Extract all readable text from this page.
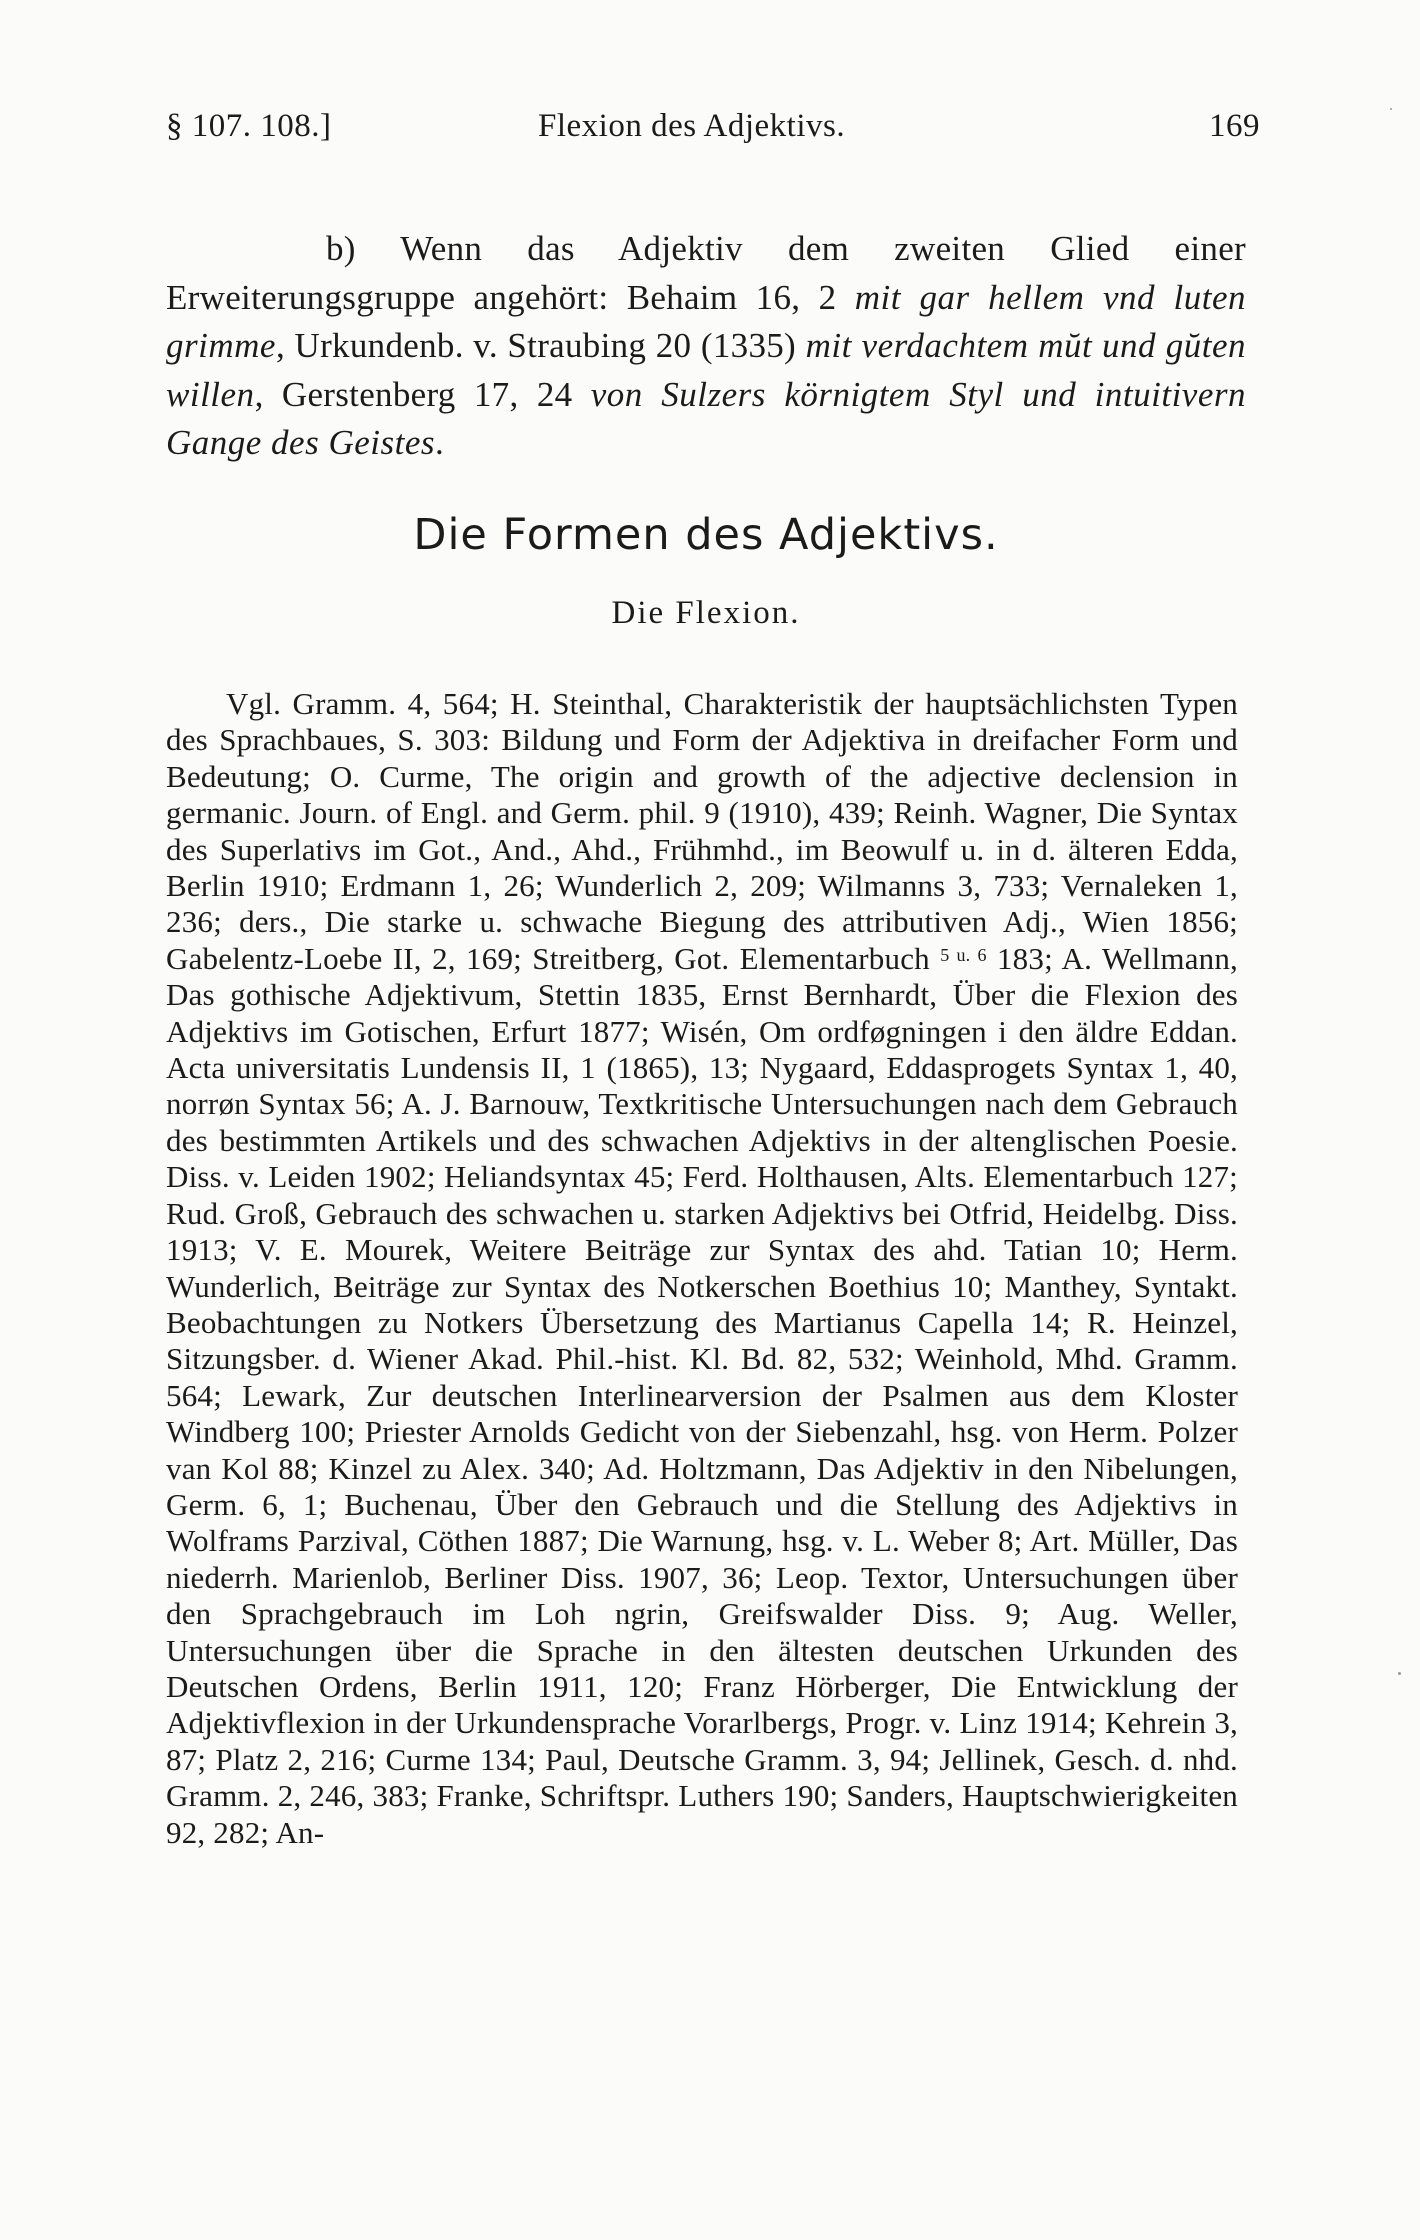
§ 107. 108.]	Flexion des Adjektivs.	169

b) Wenn das Adjektiv dem zweiten Glied einer Erweiterungsgruppe angehört: Behaim 16, 2 mit gar hellem vnd luten grimme, Urkundenb. v. Straubing 20 (1335) mit verdachtem mŭt und gŭten willen, Gerstenberg 17, 24 von Sulzers körnigtem Styl und intuitivern Gange des Geistes.

Die Formen des Adjektivs.
Die Flexion.

Vgl. Gramm. 4, 564; H. Steinthal, Charakteristik der hauptsächlichsten Typen des Sprachbaues, S. 303: Bildung und Form der Adjektiva in dreifacher Form und Bedeutung; O. Curme, The origin and growth of the adjective declension in germanic. Journ. of Engl. and Germ. phil. 9 (1910), 439; Reinh. Wagner, Die Syntax des Superlativs im Got., And., Ahd., Frühmhd., im Beowulf u. in d. älteren Edda, Berlin 1910; Erdmann 1, 26; Wunderlich 2, 209; Wilmanns 3, 733; Vernaleken 1, 236; ders., Die starke u. schwache Biegung des attributiven Adj., Wien 1856; Gabelentz-Loebe II, 2, 169; Streitberg, Got. Elementarbuch $^{5 u. 6}$ 183; A. Wellmann, Das gothische Adjektivum, Stettin 1835, Ernst Bernhardt, Über die Flexion des Adjektivs im Gotischen, Erfurt 1877; Wisén, Om ordføgningen i den äldre Eddan. Acta universitatis Lundensis II, 1 (1865), 13; Nygaard, Eddasprogets Syntax 1, 40, norrøn Syntax 56; A. J. Barnouw, Textkritische Untersuchungen nach dem Gebrauch des bestimmten Artikels und des schwachen Adjektivs in der altenglischen Poesie. Diss. v. Leiden 1902; Heliandsyntax 45; Ferd. Holthausen, Alts. Elementarbuch 127; Rud. Groß, Gebrauch des schwachen u. starken Adjektivs bei Otfrid, Heidelbg. Diss. 1913; V. E. Mourek, Weitere Beiträge zur Syntax des ahd. Tatian 10; Herm. Wunderlich, Beiträge zur Syntax des Notkerschen Boethius 10; Manthey, Syntakt. Beobachtungen zu Notkers Übersetzung des Martianus Capella 14; R. Heinzel, Sitzungsber. d. Wiener Akad. Phil.-hist. Kl. Bd. 82, 532; Weinhold, Mhd. Gramm. 564; Lewark, Zur deutschen Interlinearversion der Psalmen aus dem Kloster Windberg 100; Priester Arnolds Gedicht von der Siebenzahl, hsg. von Herm. Polzer van Kol 88; Kinzel zu Alex. 340; Ad. Holtzmann, Das Adjektiv in den Nibelungen, Germ. 6, 1; Buchenau, Über den Gebrauch und die Stellung des Adjektivs in Wolframs Parzival, Cöthen 1887; Die Warnung, hsg. v. L. Weber 8; Art. Müller, Das niederrh. Marienlob, Berliner Diss. 1907, 36; Leop. Textor, Untersuchungen über den Sprachgebrauch im Loh ngrin, Greifswalder Diss. 9; Aug. Weller, Untersuchungen über die Sprache in den ältesten deutschen Urkunden des Deutschen Ordens, Berlin 1911, 120; Franz Hörberger, Die Entwicklung der Adjektivflexion in der Urkundensprache Vorarlbergs, Progr. v. Linz 1914; Kehrein 3, 87; Platz 2, 216; Curme 134; Paul, Deutsche Gramm. 3, 94; Jellinek, Gesch. d. nhd. Gramm. 2, 246, 383; Franke, Schriftspr. Luthers 190; Sanders, Hauptschwierigkeiten 92, 282; An-
